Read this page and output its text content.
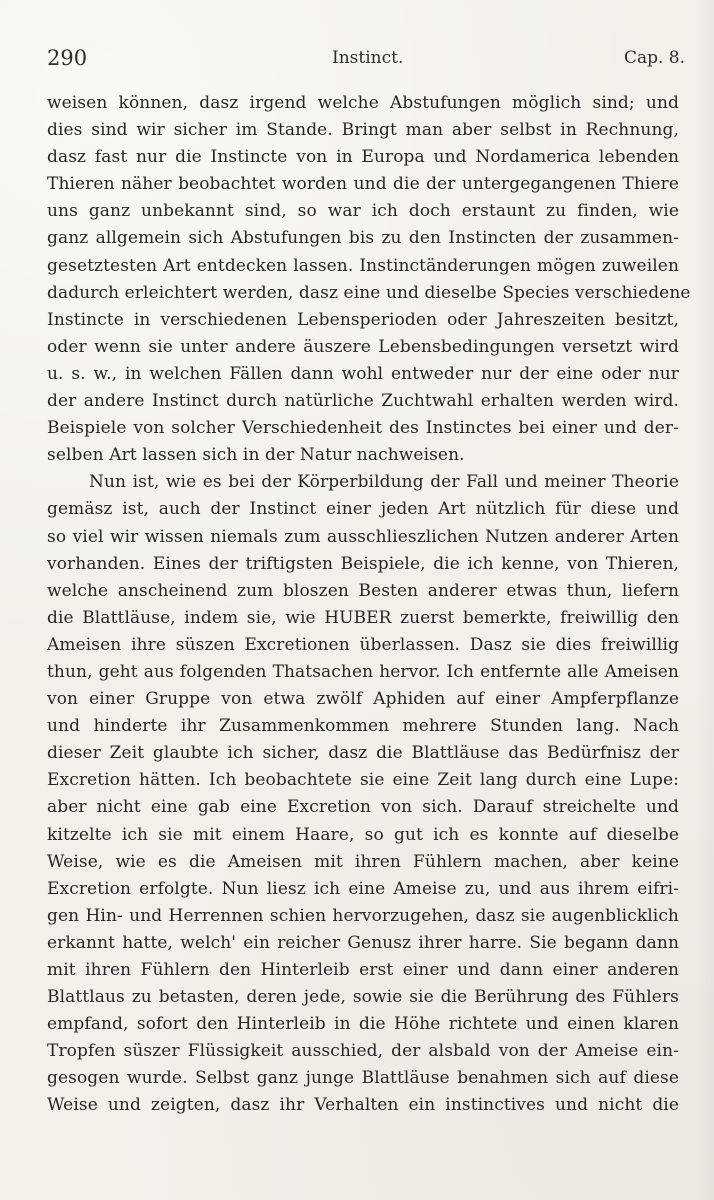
290	Instinct.	Cap. 8.
weisen können, dasz irgend welche Abstufungen möglich sind; und
dies sind wir sicher im Stande. Bringt man aber selbst in Rechnung,
dasz fast nur die Instincte von in Europa und Nordamerica lebenden
Thieren näher beobachtet worden und die der untergegangenen Thiere
uns ganz unbekannt sind, so war ich doch erstaunt zu finden, wie
ganz allgemein sich Abstufungen bis zu den Instincten der zusammen-
gesetztesten Art entdecken lassen. Instinctänderungen mögen zuweilen
dadurch erleichtert werden, dasz eine und dieselbe Species verschiedene
Instincte in verschiedenen Lebensperioden oder Jahreszeiten besitzt,
oder wenn sie unter andere äuszere Lebensbedingungen versetzt wird
u. s. w., in welchen Fällen dann wohl entweder nur der eine oder nur
der andere Instinct durch natürliche Zuchtwahl erhalten werden wird.
Beispiele von solcher Verschiedenheit des Instinctes bei einer und der-
selben Art lassen sich in der Natur nachweisen.
Nun ist, wie es bei der Körperbildung der Fall und meiner Theorie
gemäsz ist, auch der Instinct einer jeden Art nützlich für diese und
so viel wir wissen niemals zum ausschlieszlichen Nutzen anderer Arten
vorhanden. Eines der triftigsten Beispiele, die ich kenne, von Thieren,
welche anscheinend zum bloszen Besten anderer etwas thun, liefern
die Blattläuse, indem sie, wie HUBER zuerst bemerkte, freiwillig den
Ameisen ihre süszen Excretionen überlassen. Dasz sie dies freiwillig
thun, geht aus folgenden Thatsachen hervor. Ich entfernte alle Ameisen
von einer Gruppe von etwa zwölf Aphiden auf einer Ampferpflanze
und hinderte ihr Zusammenkommen mehrere Stunden lang. Nach
dieser Zeit glaubte ich sicher, dasz die Blattläuse das Bedürfnisz der
Excretion hätten. Ich beobachtete sie eine Zeit lang durch eine Lupe:
aber nicht eine gab eine Excretion von sich. Darauf streichelte und
kitzelte ich sie mit einem Haare, so gut ich es konnte auf dieselbe
Weise, wie es die Ameisen mit ihren Fühlern machen, aber keine
Excretion erfolgte. Nun liesz ich eine Ameise zu, und aus ihrem eifri-
gen Hin- und Herrennen schien hervorzugehen, dasz sie augenblicklich
erkannt hatte, welch' ein reicher Genusz ihrer harre. Sie begann dann
mit ihren Fühlern den Hinterleib erst einer und dann einer anderen
Blattlaus zu betasten, deren jede, sowie sie die Berührung des Fühlers
empfand, sofort den Hinterleib in die Höhe richtete und einen klaren
Tropfen süszer Flüssigkeit ausschied, der alsbald von der Ameise ein-
gesogen wurde. Selbst ganz junge Blattläuse benahmen sich auf diese
Weise und zeigten, dasz ihr Verhalten ein instinctives und nicht die
